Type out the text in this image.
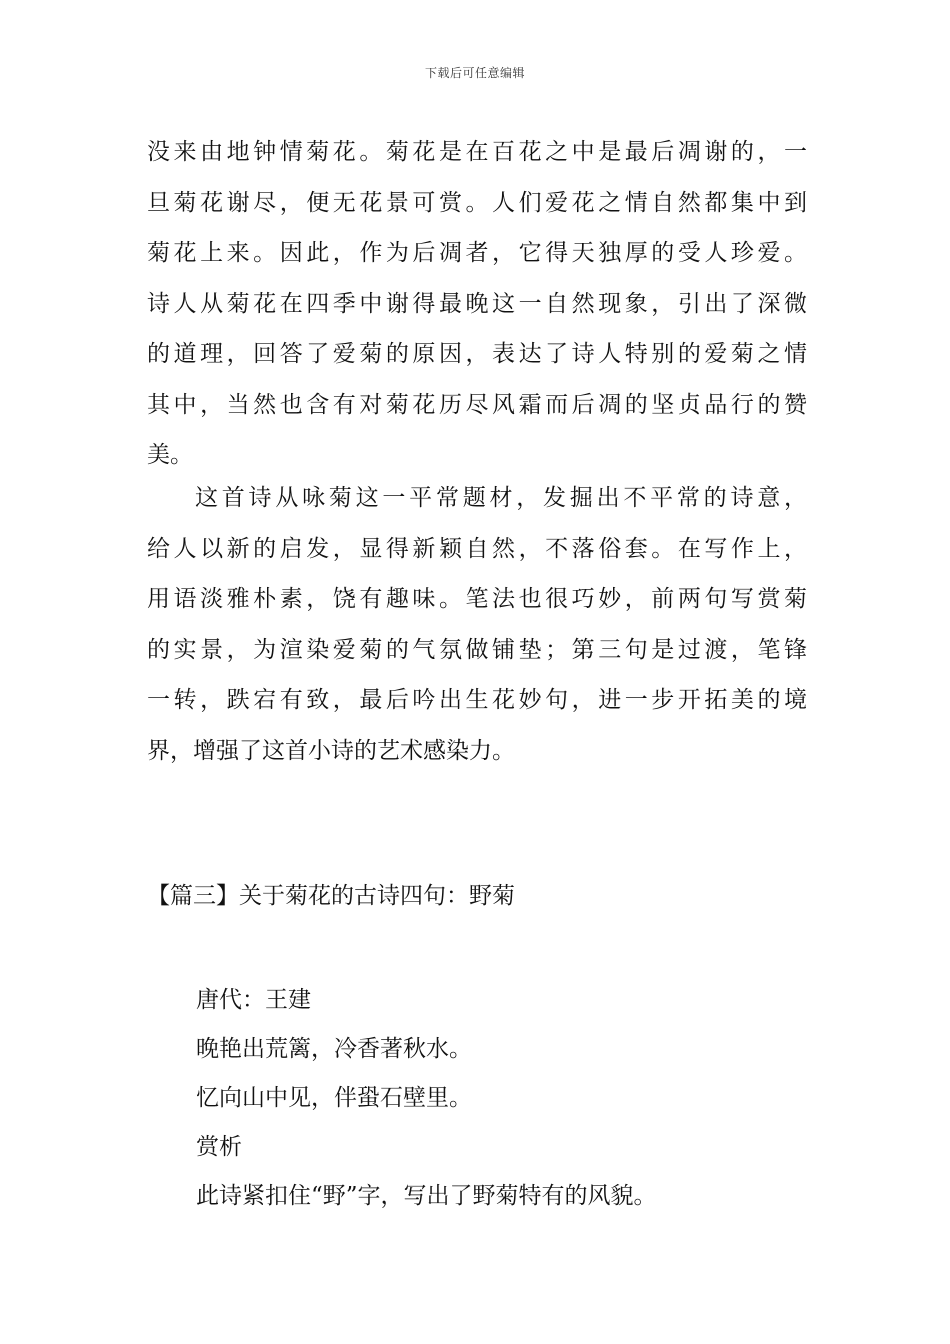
下载后可任意编辑
没来由地钟情菊花。菊花是在百花之中是最后凋谢的，一
旦菊花谢尽，便无花景可赏。人们爱花之情自然都集中到
菊花上来。因此，作为后凋者，它得天独厚的受人珍爱。
诗人从菊花在四季中谢得最晚这一自然现象，引出了深微
的道理，回答了爱菊的原因，表达了诗人特别的爱菊之情
其中，当然也含有对菊花历尽风霜而后凋的坚贞品行的赞
美。
这首诗从咏菊这一平常题材，发掘出不平常的诗意，
给人以新的启发，显得新颖自然，不落俗套。在写作上，
用语淡雅朴素，饶有趣味。笔法也很巧妙，前两句写赏菊
的实景，为渲染爱菊的气氛做铺垫；第三句是过渡，笔锋
一转，跌宕有致，最后吟出生花妙句，进一步开拓美的境
界，增强了这首小诗的艺术感染力。
【篇三】关于菊花的古诗四句：野菊
唐代：王建
晚艳出荒篱，冷香著秋水。
忆向山中见，伴蛩石壁里。
赏析
此诗紧扣住“野”字，写出了野菊特有的风貌。
